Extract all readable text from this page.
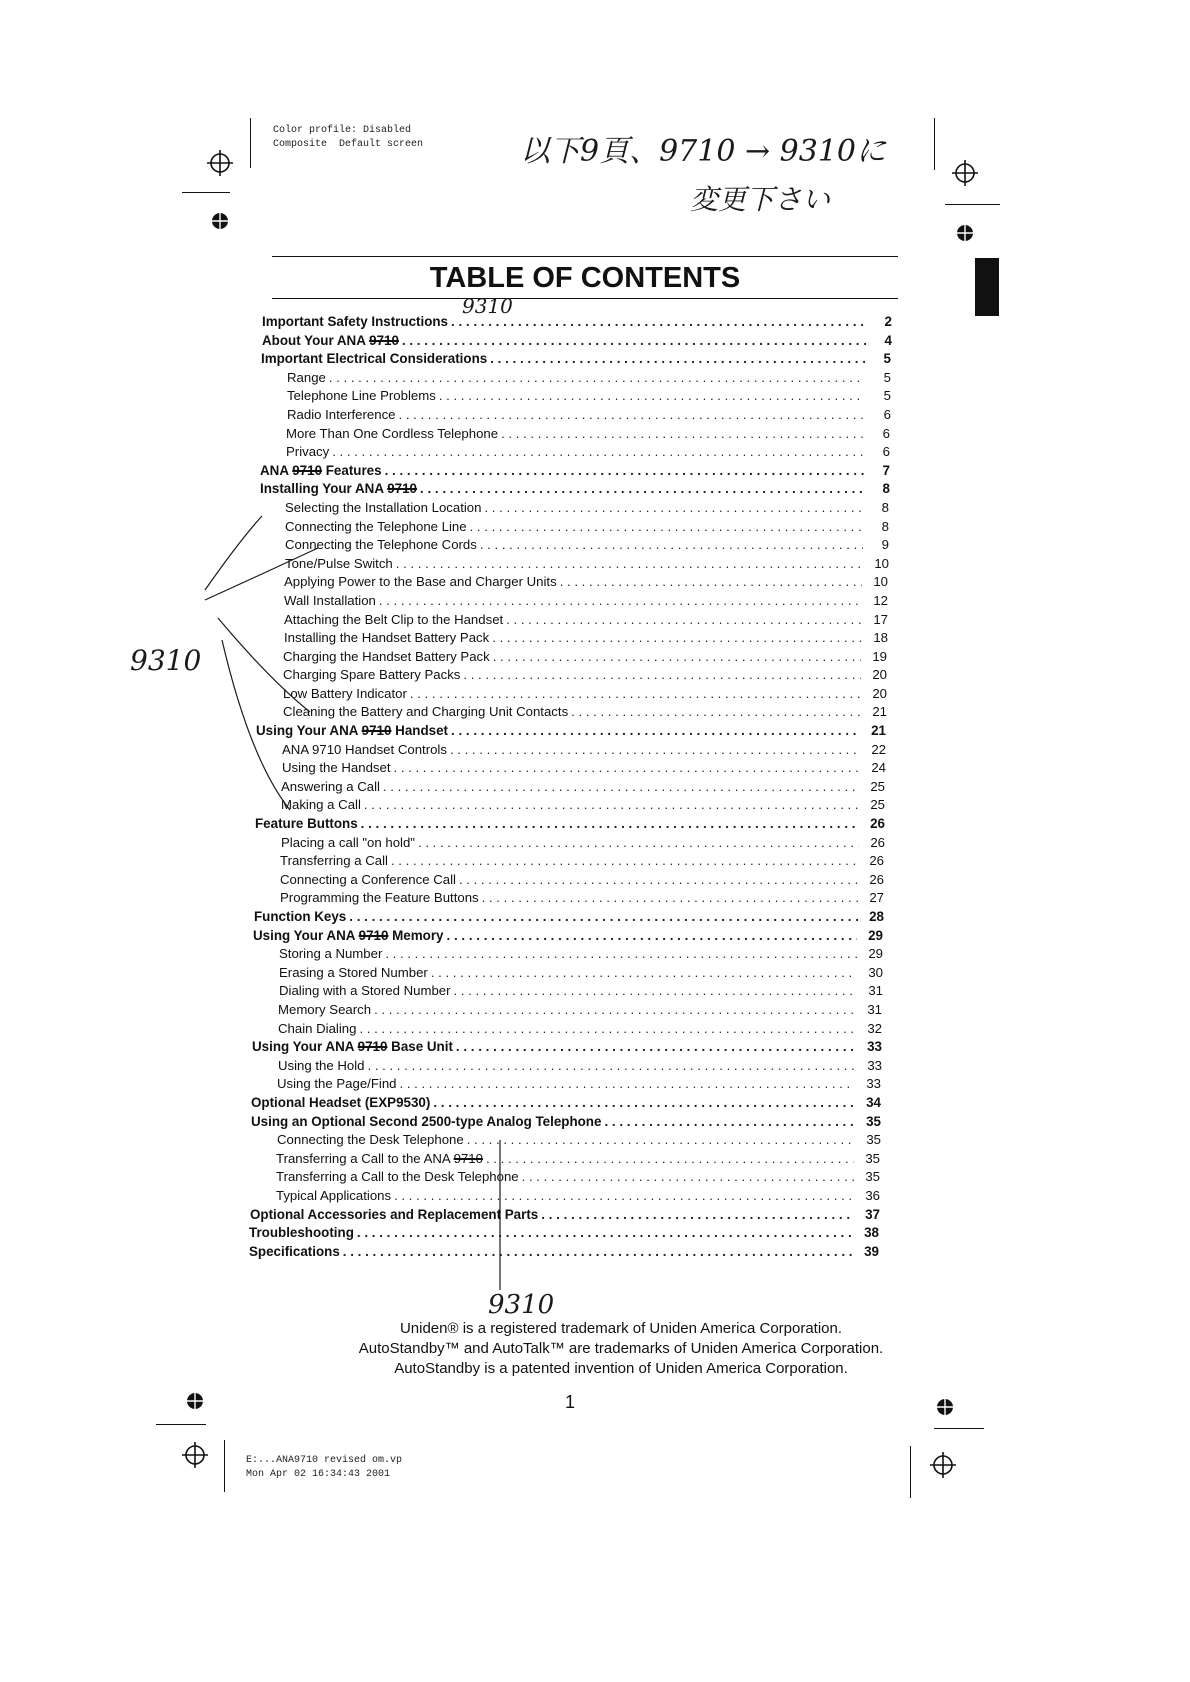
Color profile: Disabled
Composite  Default screen	以下9頁、9710 → 9310に
変更下さい
TABLE OF CONTENTS
9310
Important Safety Instructions . . .	2
About Your ANA 9710 . . .	4
Important Electrical Considerations . . .	5
Range . . .	5
Telephone Line Problems . . .	5
Radio Interference . . .	6
More Than One Cordless Telephone . . .	6
Privacy . . .	6
ANA 9710 Features . . .	7
Installing Your ANA 9710 . . .	8
Selecting the Installation Location . . .	8
Connecting the Telephone Line . . .	8
Connecting the Telephone Cords . . .	9
Tone/Pulse Switch . . .	10
Applying Power to the Base and Charger Units . . .	10
Wall Installation . . .	12
Attaching the Belt Clip to the Handset . . .	17
Installing the Handset Battery Pack . . .	18
Charging the Handset Battery Pack . . .	19
Charging Spare Battery Packs . . .	20
Low Battery Indicator . . .	20
Cleaning the Battery and Charging Unit Contacts . . .	21
Using Your ANA 9710 Handset . . .	21
ANA 9710 Handset Controls . . .	22
Using the Handset . . .	24
Answering a Call . . .	25
Making a Call . . .	25
Feature Buttons . . .	26
Placing a call "on hold" . . .	26
Transferring a Call . . .	26
Connecting a Conference Call . . .	26
Programming the Feature Buttons . . .	27
Function Keys . . .	28
Using Your ANA 9710 Memory . . .	29
Storing a Number . . .	29
Erasing a Stored Number . . .	30
Dialing with a Stored Number . . .	31
Memory Search . . .	31
Chain Dialing . . .	32
Using Your ANA 9710 Base Unit . . .	33
Using the Hold . . .	33
Using the Page/Find . . .	33
Optional Headset (EXP9530) . . .	34
Using an Optional Second 2500-type Analog Telephone . . .	35
Connecting the Desk Telephone . . .	35
Transferring a Call to the ANA 9710 . . .	35
Transferring a Call to the Desk Telephone . . .	35
Typical Applications . . .	36
Optional Accessories and Replacement Parts . . .	37
Troubleshooting . . .	38
Specifications . . .	39
9310
9310
Uniden® is a registered trademark of Uniden America Corporation.
AutoStandby™ and AutoTalk™ are trademarks of Uniden America Corporation.
AutoStandby is a patented invention of Uniden America Corporation.
1
E:...ANA9710 revised om.vp
Mon Apr 02 16:34:43 2001
